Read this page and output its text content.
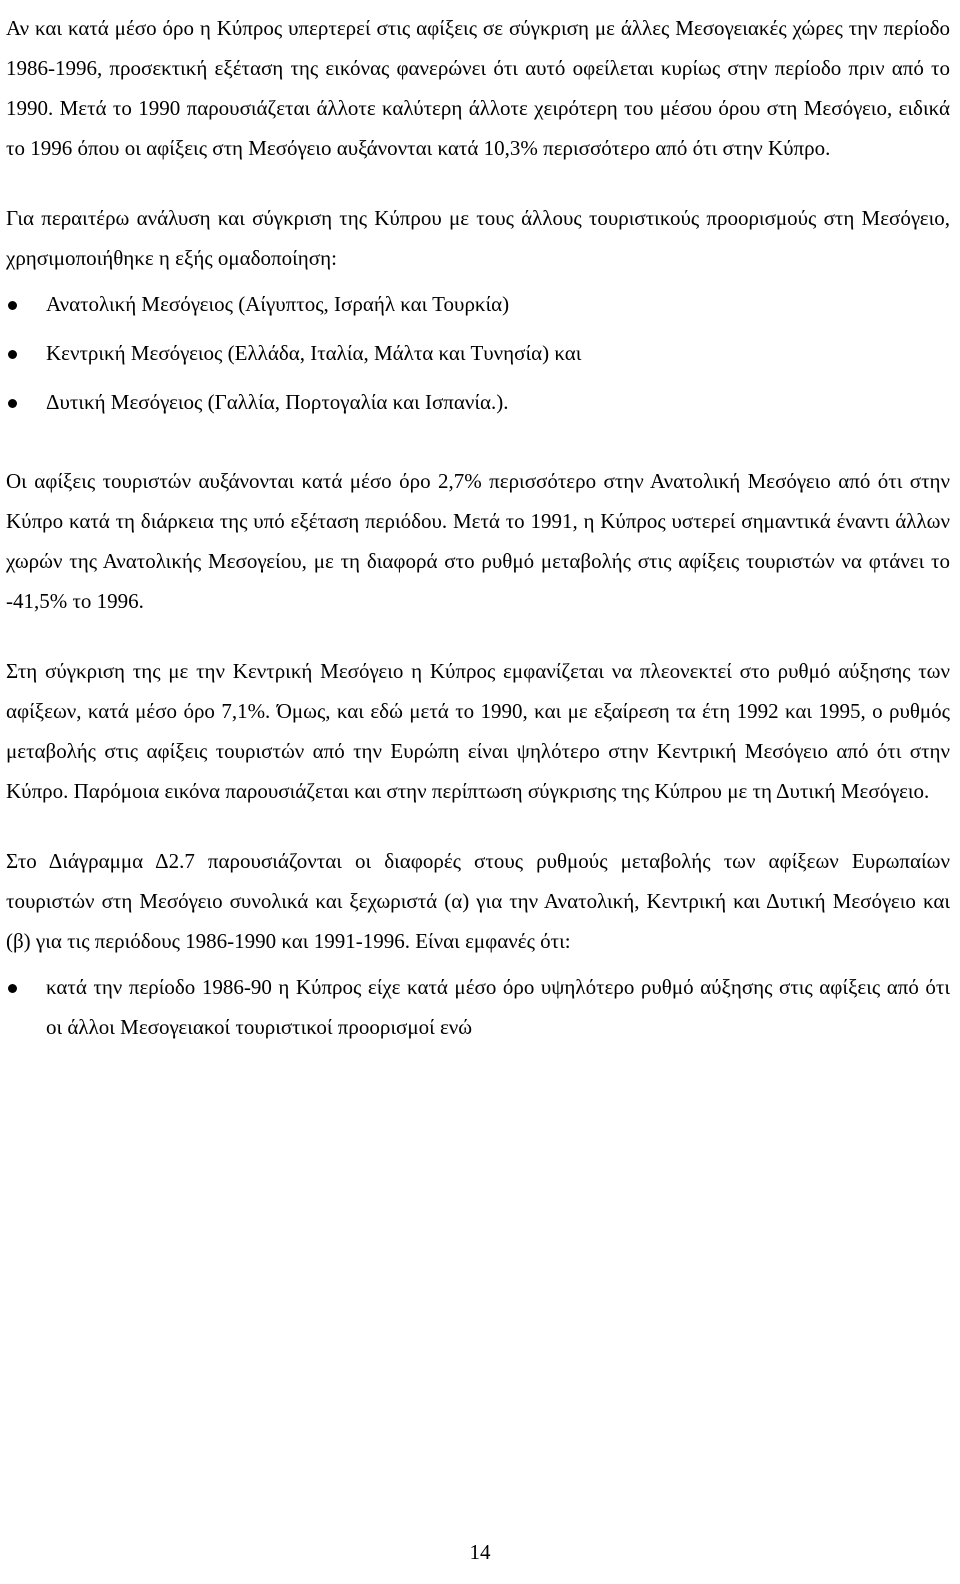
Αν και κατά μέσο όρο η Κύπρος υπερτερεί στις αφίξεις σε σύγκριση με άλλες Μεσογειακές χώρες την περίοδο 1986-1996, προσεκτική εξέταση της εικόνας φανερώνει ότι αυτό οφείλεται κυρίως στην περίοδο πριν από το 1990. Μετά το 1990 παρουσιάζεται άλλοτε καλύτερη άλλοτε χειρότερη του μέσου όρου στη Μεσόγειο, ειδικά το 1996 όπου οι αφίξεις στη Μεσόγειο αυξάνονται κατά 10,3% περισσότερο από ότι στην Κύπρο.

Για περαιτέρω ανάλυση και σύγκριση της Κύπρου με τους άλλους τουριστικούς προορισμούς στη Μεσόγειο, χρησιμοποιήθηκε η εξής ομαδοποίηση:

Ανατολική Μεσόγειος (Αίγυπτος, Ισραήλ και Τουρκία)
Κεντρική Μεσόγειος (Ελλάδα, Ιταλία, Μάλτα και Τυνησία) και
Δυτική Μεσόγειος (Γαλλία, Πορτογαλία και Ισπανία.).

Οι αφίξεις τουριστών αυξάνονται κατά μέσο όρο 2,7% περισσότερο στην Ανατολική Μεσόγειο από ότι στην Κύπρο κατά τη διάρκεια της υπό εξέταση περιόδου. Μετά το 1991, η Κύπρος υστερεί σημαντικά έναντι άλλων χωρών της Ανατολικής Μεσογείου, με τη διαφορά στο ρυθμό μεταβολής στις αφίξεις τουριστών να φτάνει το -41,5% το 1996.

Στη σύγκριση της με την Κεντρική Μεσόγειο η Κύπρος εμφανίζεται να πλεονεκτεί στο ρυθμό αύξησης των αφίξεων, κατά μέσο όρο 7,1%. Όμως, και εδώ μετά το 1990, και με εξαίρεση τα έτη 1992 και 1995, ο ρυθμός μεταβολής στις αφίξεις τουριστών από την Ευρώπη είναι ψηλότερο στην Κεντρική Μεσόγειο από ότι στην Κύπρο. Παρόμοια εικόνα παρουσιάζεται και στην περίπτωση σύγκρισης της Κύπρου με τη Δυτική Μεσόγειο.

Στο Διάγραμμα Δ2.7 παρουσιάζονται οι διαφορές στους ρυθμούς μεταβολής των αφίξεων Ευρωπαίων τουριστών στη Μεσόγειο συνολικά και ξεχωριστά (α) για την Ανατολική, Κεντρική και Δυτική Μεσόγειο και (β) για τις περιόδους 1986-1990 και 1991-1996. Είναι εμφανές ότι:

κατά την περίοδο 1986-90 η Κύπρος είχε κατά μέσο όρο υψηλότερο ρυθμό αύξησης στις αφίξεις από ότι οι άλλοι Μεσογειακοί τουριστικοί προορισμοί ενώ
14
